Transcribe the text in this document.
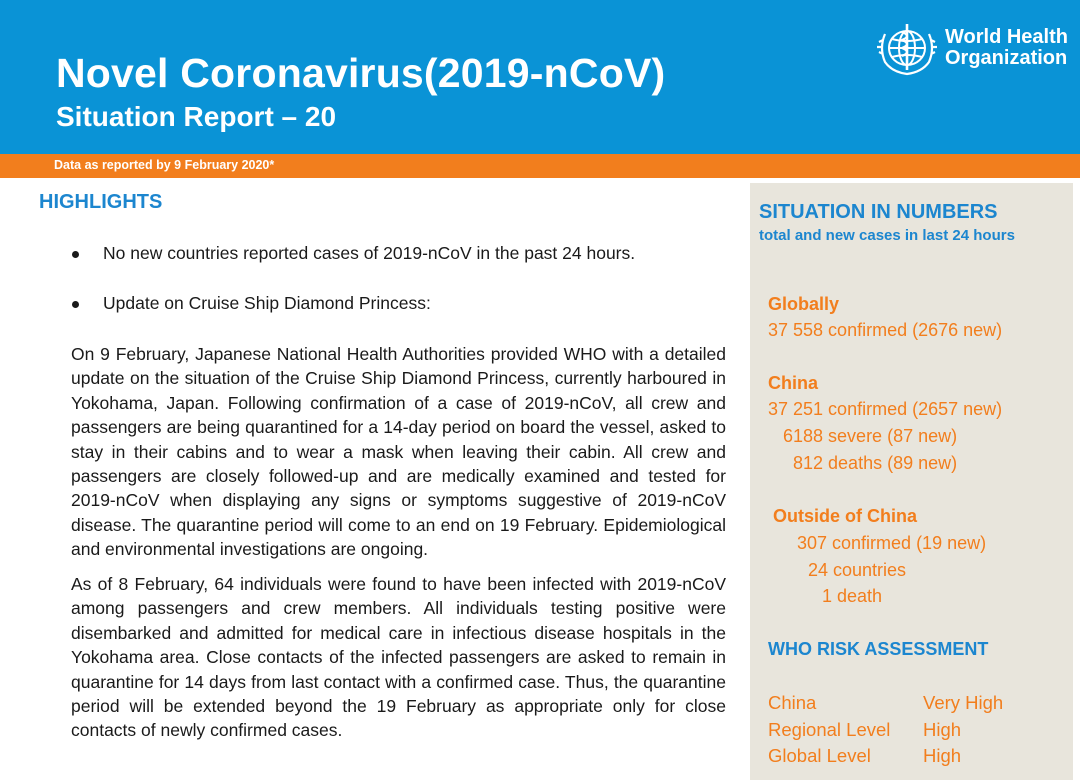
Novel Coronavirus(2019-nCoV)
Situation Report – 20
World Health
Organization
Data as reported by 9 February 2020*
HIGHLIGHTS
No new countries reported cases of 2019-nCoV in the past 24 hours.
Update on Cruise Ship Diamond Princess:

On 9 February, Japanese National Health Authorities provided WHO with a detailed update on the situation of the Cruise Ship Diamond Princess, currently harboured in Yokohama, Japan. Following confirmation of a case of 2019-nCoV, all crew and passengers are being quarantined for a 14-day period on board the vessel, asked to stay in their cabins and to wear a mask when leaving their cabin. All crew and passengers are closely followed-up and are medically examined and tested for 2019-nCoV when displaying any signs or symptoms suggestive of 2019-nCoV disease. The quarantine period will come to an end on 19 February. Epidemiological and environmental investigations are ongoing.

As of 8 February, 64 individuals were found to have been infected with 2019-nCoV among passengers and crew members. All individuals testing positive were disembarked and admitted for medical care in infectious disease hospitals in the Yokohama area. Close contacts of the infected passengers are asked to remain in quarantine for 14 days from last contact with a confirmed case. Thus, the quarantine period will be extended beyond the 19 February as appropriate only for close contacts of newly confirmed cases.

SITUATION IN NUMBERS

total and new cases in last 24 hours

Globally
37 558 confirmed (2676 new)
China
37 251 confirmed (2657 new)
6188 severe (87 new)
812 deaths (89 new)
Outside of China
307 confirmed (19 new)
24 countries
1 death
WHO RISK ASSESSMENT
China	Very High
Regional Level High
Global Level	High
